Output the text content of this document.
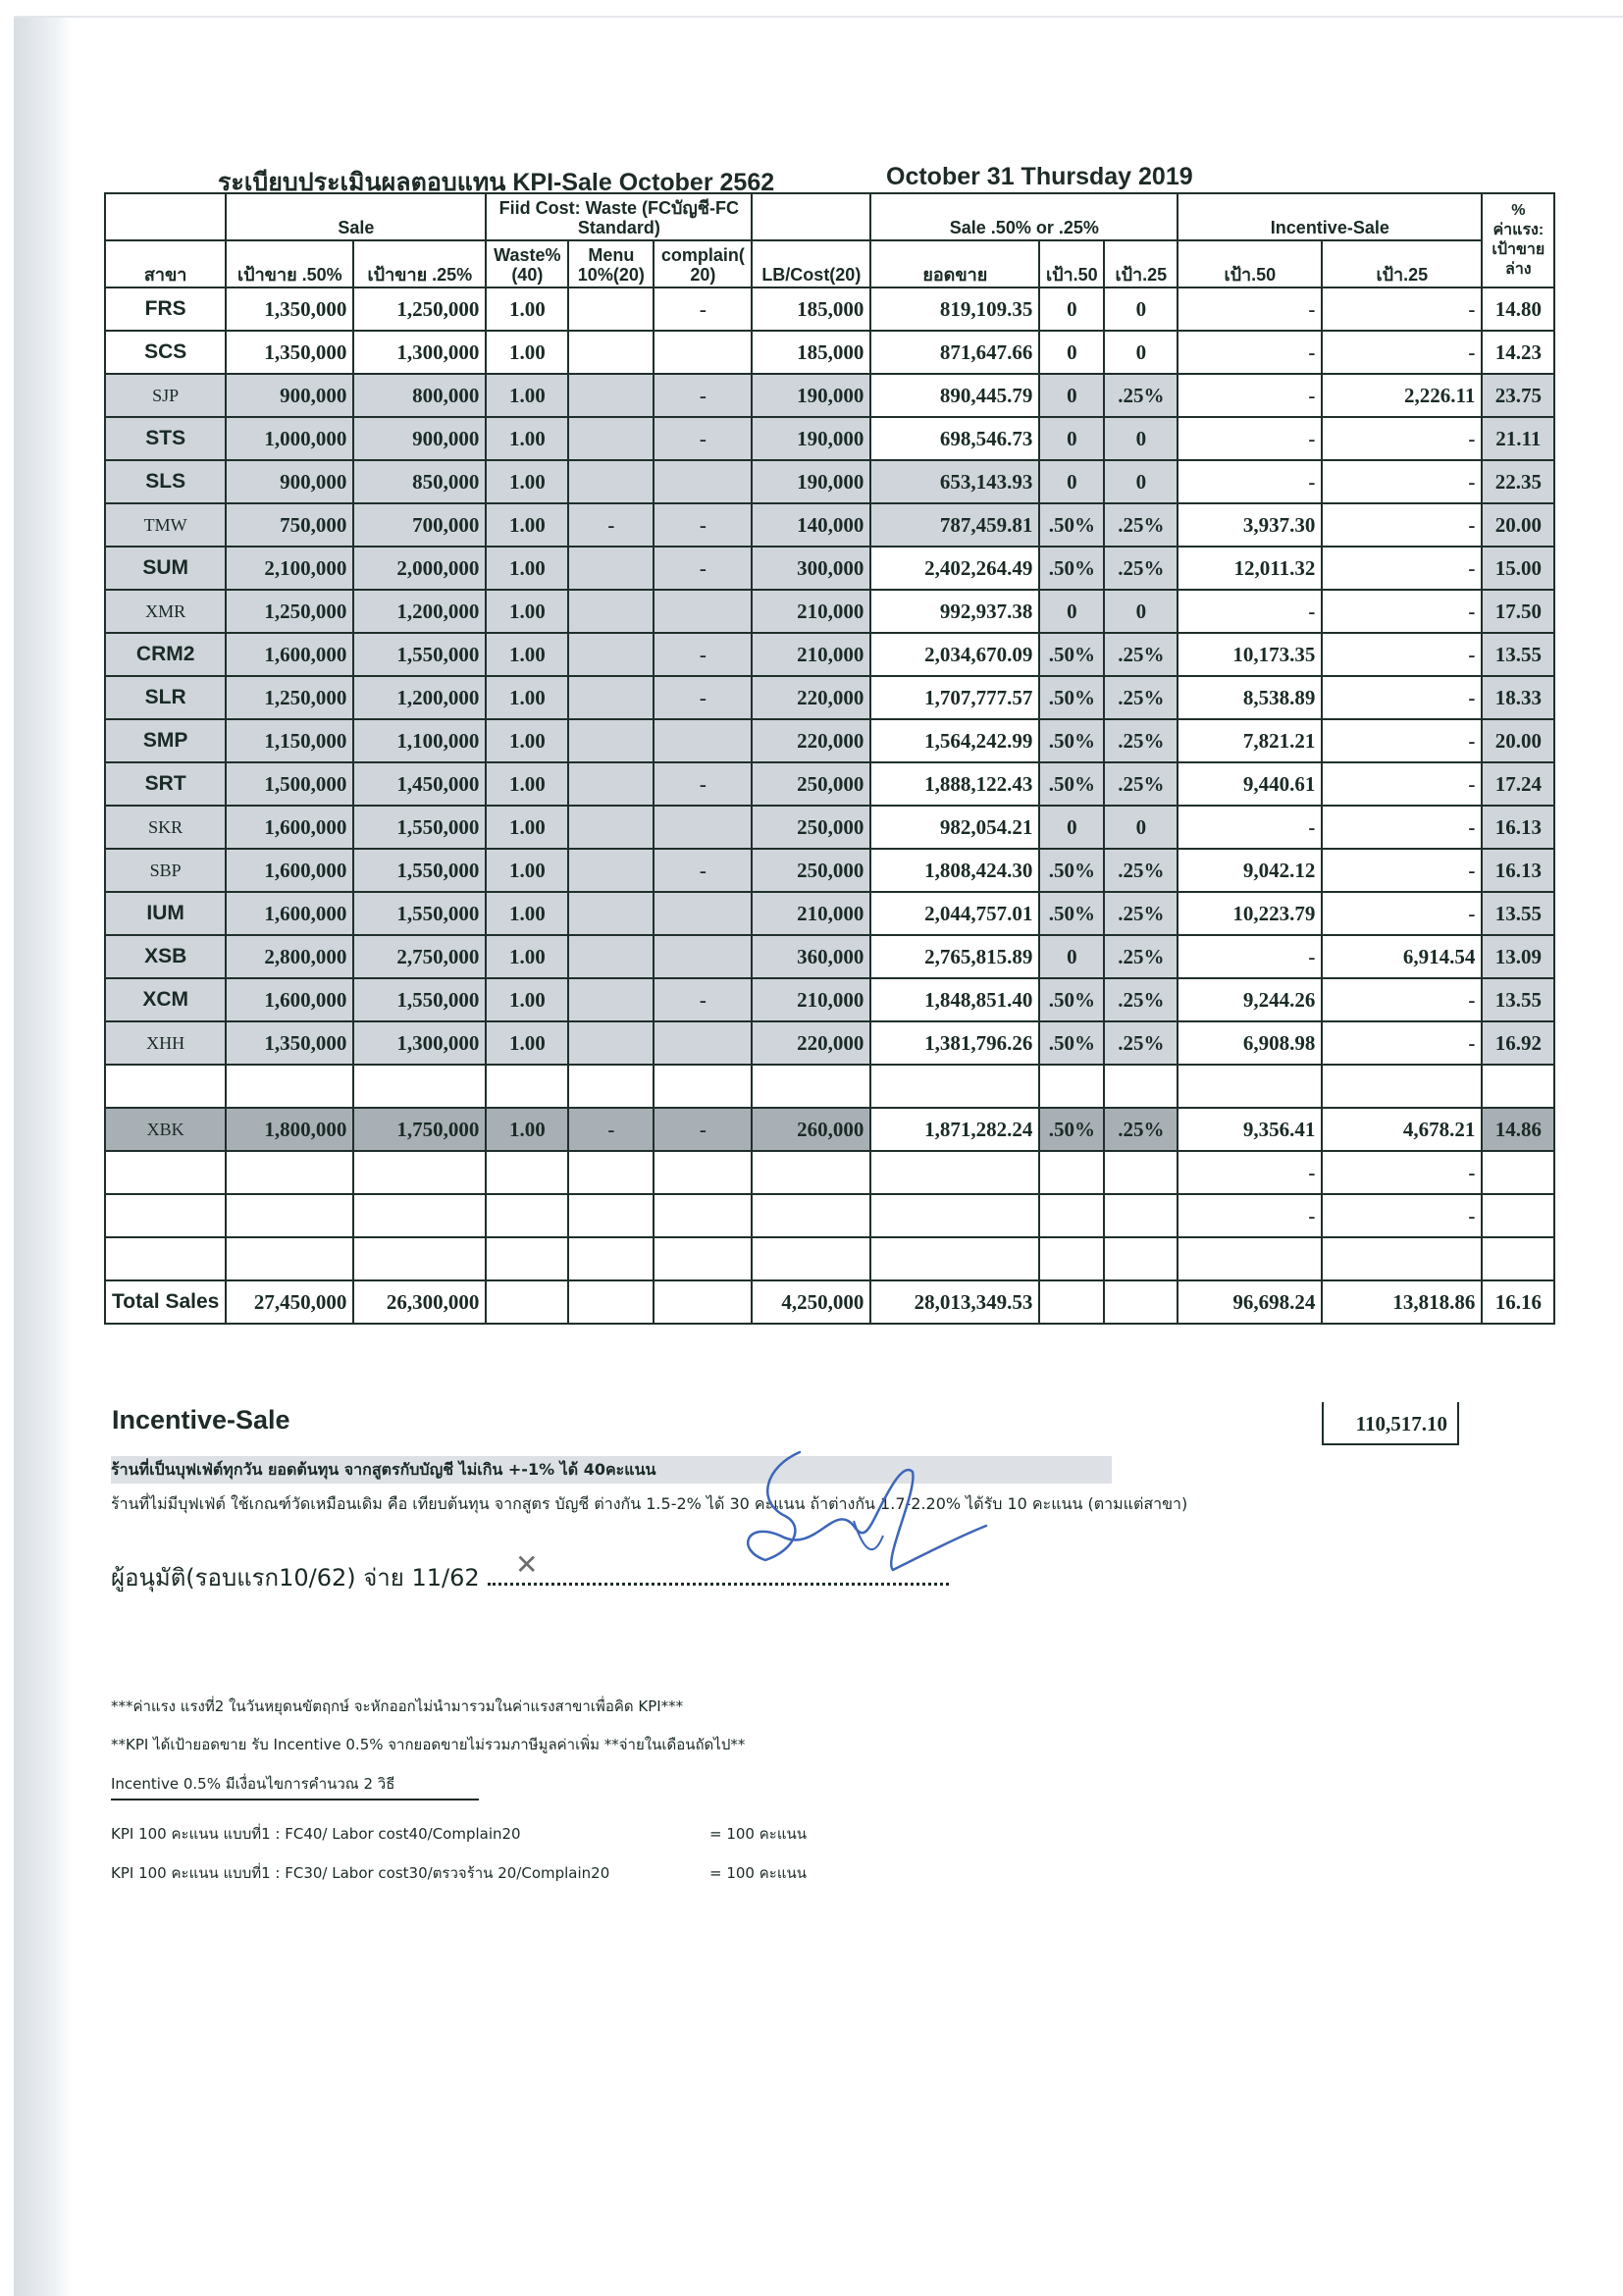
ระเบียบประเมินผลตอบแทน KPI-Sale October 2562	October 31 Thursday 2019
	Sale		Fiid Cost: Waste (FCบัญชี-FC Standard)				Sale .50% or .25%			Incentive-Sale		% ค่าแรง: เป้าขาย ล่าง
สาขา	เป้าขาย .50%	เป้าขาย .25%	Waste% (40)	Menu 10%(20)	complain( 20)	LB/Cost(20)	ยอดขาย	เป้า.50	เป้า.25	เป้า.50	เป้า.25	
FRS	1,350,000	1,250,000	1.00		-	185,000	819,109.35	0	0	-	-	14.80
SCS	1,350,000	1,300,000	1.00			185,000	871,647.66	0	0	-	-	14.23
SJP	900,000	800,000	1.00		-	190,000	890,445.79	0	.25%	-	2,226.11	23.75
STS	1,000,000	900,000	1.00		-	190,000	698,546.73	0	0	-	-	21.11
SLS	900,000	850,000	1.00			190,000	653,143.93	0	0	-	-	22.35
TMW	750,000	700,000	1.00	-	-	140,000	787,459.81	.50%	.25%	3,937.30	-	20.00
SUM	2,100,000	2,000,000	1.00		-	300,000	2,402,264.49	.50%	.25%	12,011.32	-	15.00
XMR	1,250,000	1,200,000	1.00			210,000	992,937.38	0	0	-	-	17.50
CRM2	1,600,000	1,550,000	1.00		-	210,000	2,034,670.09	.50%	.25%	10,173.35	-	13.55
SLR	1,250,000	1,200,000	1.00		-	220,000	1,707,777.57	.50%	.25%	8,538.89	-	18.33
SMP	1,150,000	1,100,000	1.00			220,000	1,564,242.99	.50%	.25%	7,821.21	-	20.00
SRT	1,500,000	1,450,000	1.00		-	250,000	1,888,122.43	.50%	.25%	9,440.61	-	17.24
SKR	1,600,000	1,550,000	1.00			250,000	982,054.21	0	0	-	-	16.13
SBP	1,600,000	1,550,000	1.00		-	250,000	1,808,424.30	.50%	.25%	9,042.12	-	16.13
IUM	1,600,000	1,550,000	1.00			210,000	2,044,757.01	.50%	.25%	10,223.79	-	13.55
XSB	2,800,000	2,750,000	1.00			360,000	2,765,815.89	0	.25%	-	6,914.54	13.09
XCM	1,600,000	1,550,000	1.00		-	210,000	1,848,851.40	.50%	.25%	9,244.26	-	13.55
XHH	1,350,000	1,300,000	1.00			220,000	1,381,796.26	.50%	.25%	6,908.98	-	16.92

XBK	1,800,000	1,750,000	1.00	-	-	260,000	1,871,282.24	.50%	.25%	9,356.41	4,678.21	14.86
										-	-	
										-	-	

Total Sales	27,450,000	26,300,000				4,250,000	28,013,349.53			96,698.24	13,818.86	16.16
Incentive-Sale	110,517.10
ร้านที่เป็นบุฟเฟ่ต์ทุกวัน ยอดต้นทุน จากสูตรกับบัญชี ไม่เกิน +-1% ได้ 40คะแนน
ร้านที่ไม่มีบุฟเฟ่ต์ ใช้เกณฑ์วัดเหมือนเดิม คือ เทียบต้นทุน จากสูตร บัญชี ต่างกัน 1.5-2% ได้ 30 คะแนน ถ้าต่างกัน 1.7-2.20% ได้รับ 10 คะแนน (ตามแต่สาขา)
ผู้อนุมัติ(รอบแรก10/62) จ่าย 11/62	✕
***ค่าแรง แรงที่2 ในวันหยุดนขัตฤกษ์ จะหักออกไม่นำมารวมในค่าแรงสาขาเพื่อคิด KPI***
**KPI ได้เป้ายอดขาย รับ Incentive 0.5% จากยอดขายไม่รวมภาษีมูลค่าเพิ่ม **จ่ายในเดือนถัดไป**
Incentive 0.5% มีเงื่อนไขการคำนวณ 2 วิธี
KPI 100 คะแนน แบบที่1 : FC40/ Labor cost40/Complain20	= 100 คะแนน
KPI 100 คะแนน แบบที่1 : FC30/ Labor cost30/ตรวจร้าน 20/Complain20	= 100 คะแนน
